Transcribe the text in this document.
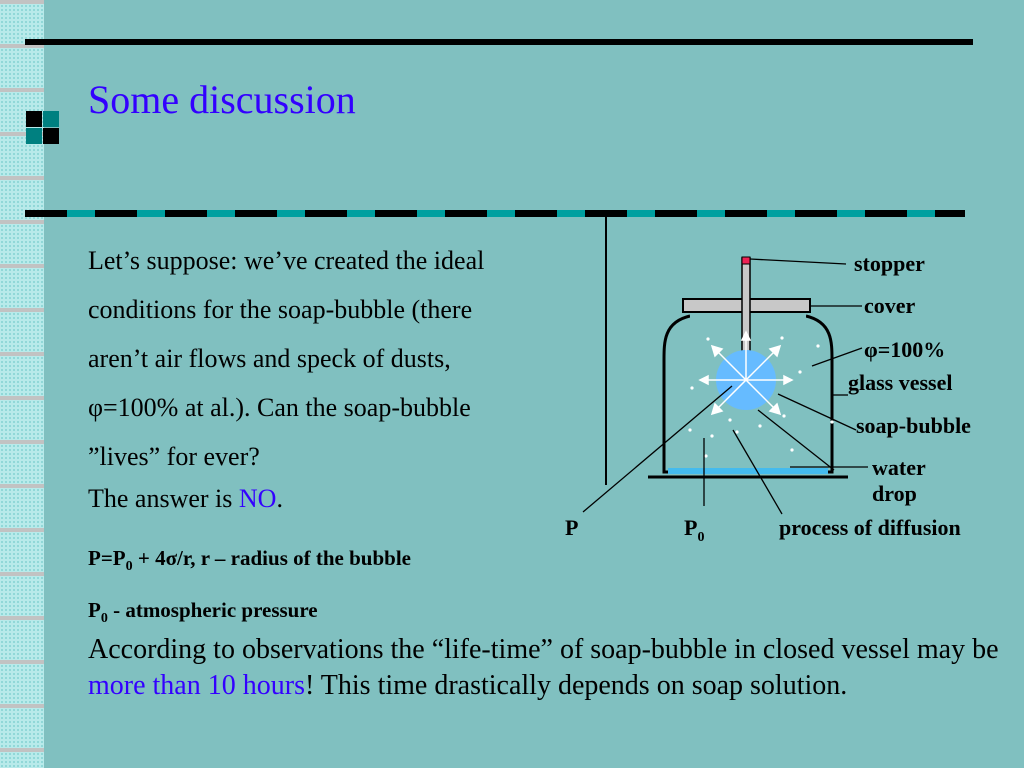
Some discussion

Let’s suppose: we’ve created the ideal

conditions for the soap-bubble (there

aren’t air flows and speck of dusts,

φ=100% at al.). Can the soap-bubble

”lives” for ever?

The answer is NO.
$P=P_0 + 4\sigma/r$, r – radius of the bubble
$P_0$ - atmospheric pressure
According to observations the “life-time” of soap-bubble in closed vessel may be more than 10 hours! This time drastically depends on soap solution.
stopper
cover
φ=100%
glass vessel
soap-bubble
water
drop
P	$P_0$	process of diffusion
